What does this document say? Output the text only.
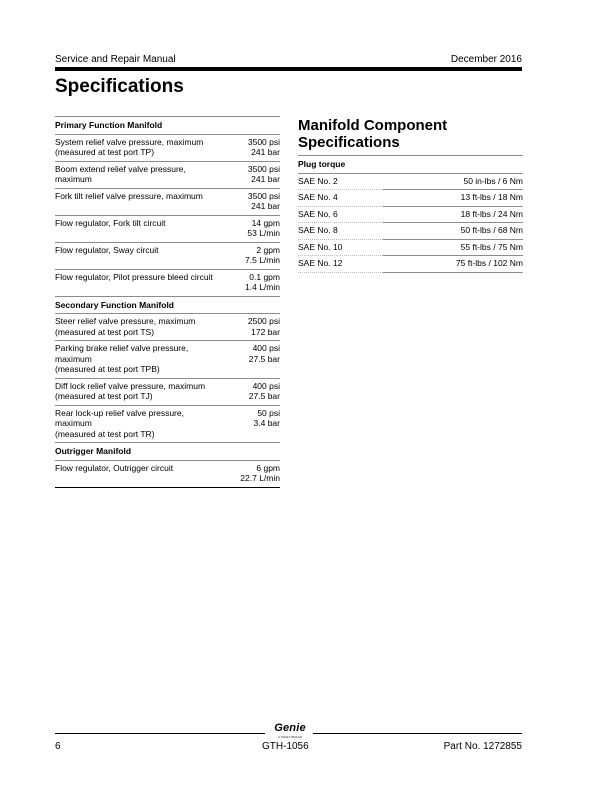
Service and Repair Manual	December 2016
Specifications
Primary Function Manifold	
System relief valve pressure, maximum
(measured at test port TP)	3500 psi
241 bar
Boom extend relief valve pressure,
maximum	3500 psi
241 bar
Fork tilt relief valve pressure, maximum	3500 psi
241 bar
Flow regulator, Fork tilt circuit	14 gpm
53 L/min
Flow regulator, Sway circuit	2 gpm
7.5 L/min
Flow regulator, Pilot pressure bleed circuit	0.1 gpm
1.4 L/min
Secondary Function Manifold	
Steer relief valve pressure, maximum
(measured at test port TS)	2500 psi
172 bar
Parking brake relief valve pressure,
maximum
(measured at test port TPB)	400 psi
27.5 bar
Diff lock relief valve pressure, maximum
(measured at test port TJ)	400 psi
27.5 bar
Rear lock-up relief valve pressure,
maximum
(measured at test port TR)	50 psi
3.4 bar
Outrigger Manifold	
Flow regulator, Outrigger circuit	6 gpm
22.7 L/min
Manifold Component Specifications
Plug torque	
SAE No. 2	50 in-lbs / 6 Nm
SAE No. 4	13 ft-lbs / 18 Nm
SAE No. 6	18 ft-lbs / 24 Nm
SAE No. 8	50 ft-lbs / 68 Nm
SAE No. 10	55 ft-lbs / 75 Nm
SAE No. 12	75 ft-lbs / 102 Nm
Genie
A TEREX BRAND
6	GTH-1056	Part No. 1272855
